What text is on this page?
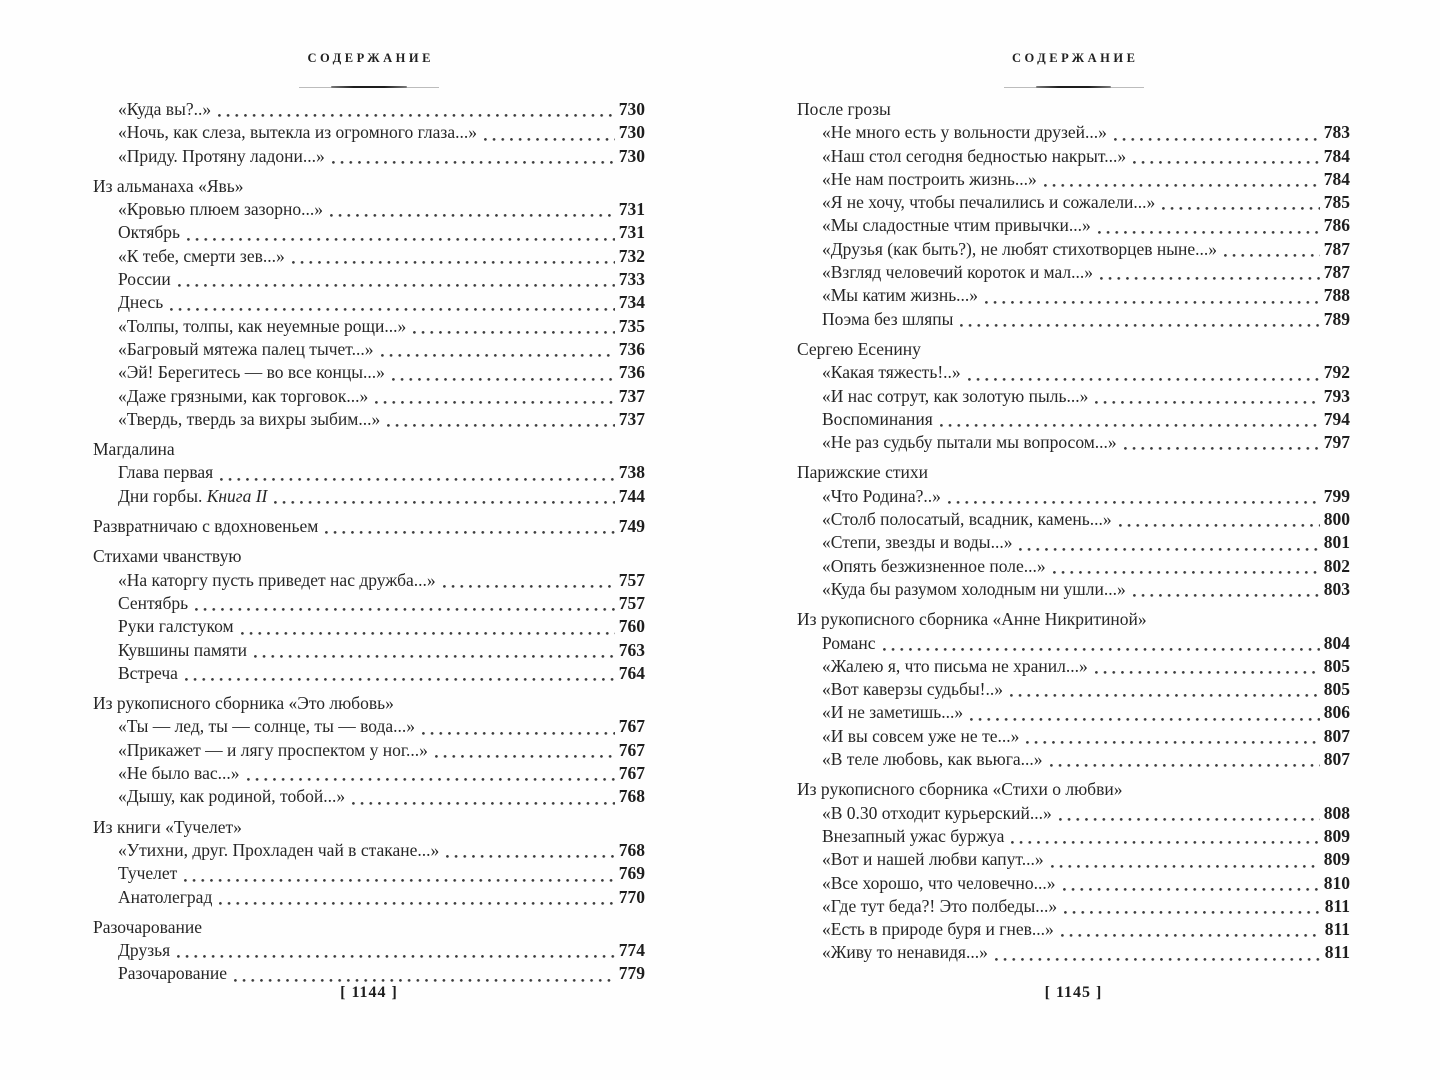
СОДЕРЖАНИЕ
«Куда вы?..»	730
«Ночь, как слеза, вытекла из огромного глаза...»	730
«Приду. Протяну ладони...»	730
Из альманаха «Явь»
«Кровью плюем зазорно...»	731
Октябрь	731
«К тебе, смерти зев...»	732
России	733
Днесь	734
«Толпы, толпы, как неуемные рощи...»	735
«Багровый мятежа палец тычет...»	736
«Эй! Берегитесь — во все концы...»	736
«Даже грязными, как торговок...»	737
«Твердь, твердь за вихры зыбим...»	737
Магдалина
Глава первая	738
Дни горбы. Книга II	744
Развратничаю с вдохновеньем	749
Стихами чванствую
«На каторгу пусть приведет нас дружба...»	757
Сентябрь	757
Руки галстуком	760
Кувшины памяти	763
Встреча	764
Из рукописного сборника «Это любовь»
«Ты — лед, ты — солнце, ты — вода...»	767
«Прикажет — и лягу проспектом у ног...»	767
«Не было вас...»	767
«Дышу, как родиной, тобой...»	768
Из книги «Тучелет»
«Утихни, друг. Прохладен чай в стакане...»	768
Тучелет	769
Анатолеград	770
Разочарование
Друзья	774
Разочарование	779
[ 1144 ]
СОДЕРЖАНИЕ
После грозы
«Не много есть у вольности друзей...»	783
«Наш стол сегодня бедностью накрыт...»	784
«Не нам построить жизнь...»	784
«Я не хочу, чтобы печалились и сожалели...»	785
«Мы сладостные чтим привычки...»	786
«Друзья (как быть?), не любят стихотворцев ныне...»	787
«Взгляд человечий короток и мал...»	787
«Мы катим жизнь...»	788
Поэма без шляпы	789
Сергею Есенину
«Какая тяжесть!..»	792
«И нас сотрут, как золотую пыль...»	793
Воспоминания	794
«Не раз судьбу пытали мы вопросом...»	797
Парижские стихи
«Что Родина?..»	799
«Столб полосатый, всадник, камень...»	800
«Степи, звезды и воды...»	801
«Опять безжизненное поле...»	802
«Куда бы разумом холодным ни ушли...»	803
Из рукописного сборника «Анне Никритиной»
Романс	804
«Жалею я, что письма не хранил...»	805
«Вот каверзы судьбы!..»	805
«И не заметишь...»	806
«И вы совсем уже не те...»	807
«В теле любовь, как вьюга...»	807
Из рукописного сборника «Стихи о любви»
«В 0.30 отходит курьерский...»	808
Внезапный ужас буржуа	809
«Вот и нашей любви капут...»	809
«Все хорошо, что человечно...»	810
«Где тут беда?! Это полбеды...»	811
«Есть в природе буря и гнев...»	811
«Живу то ненавидя...»	811
[ 1145 ]
